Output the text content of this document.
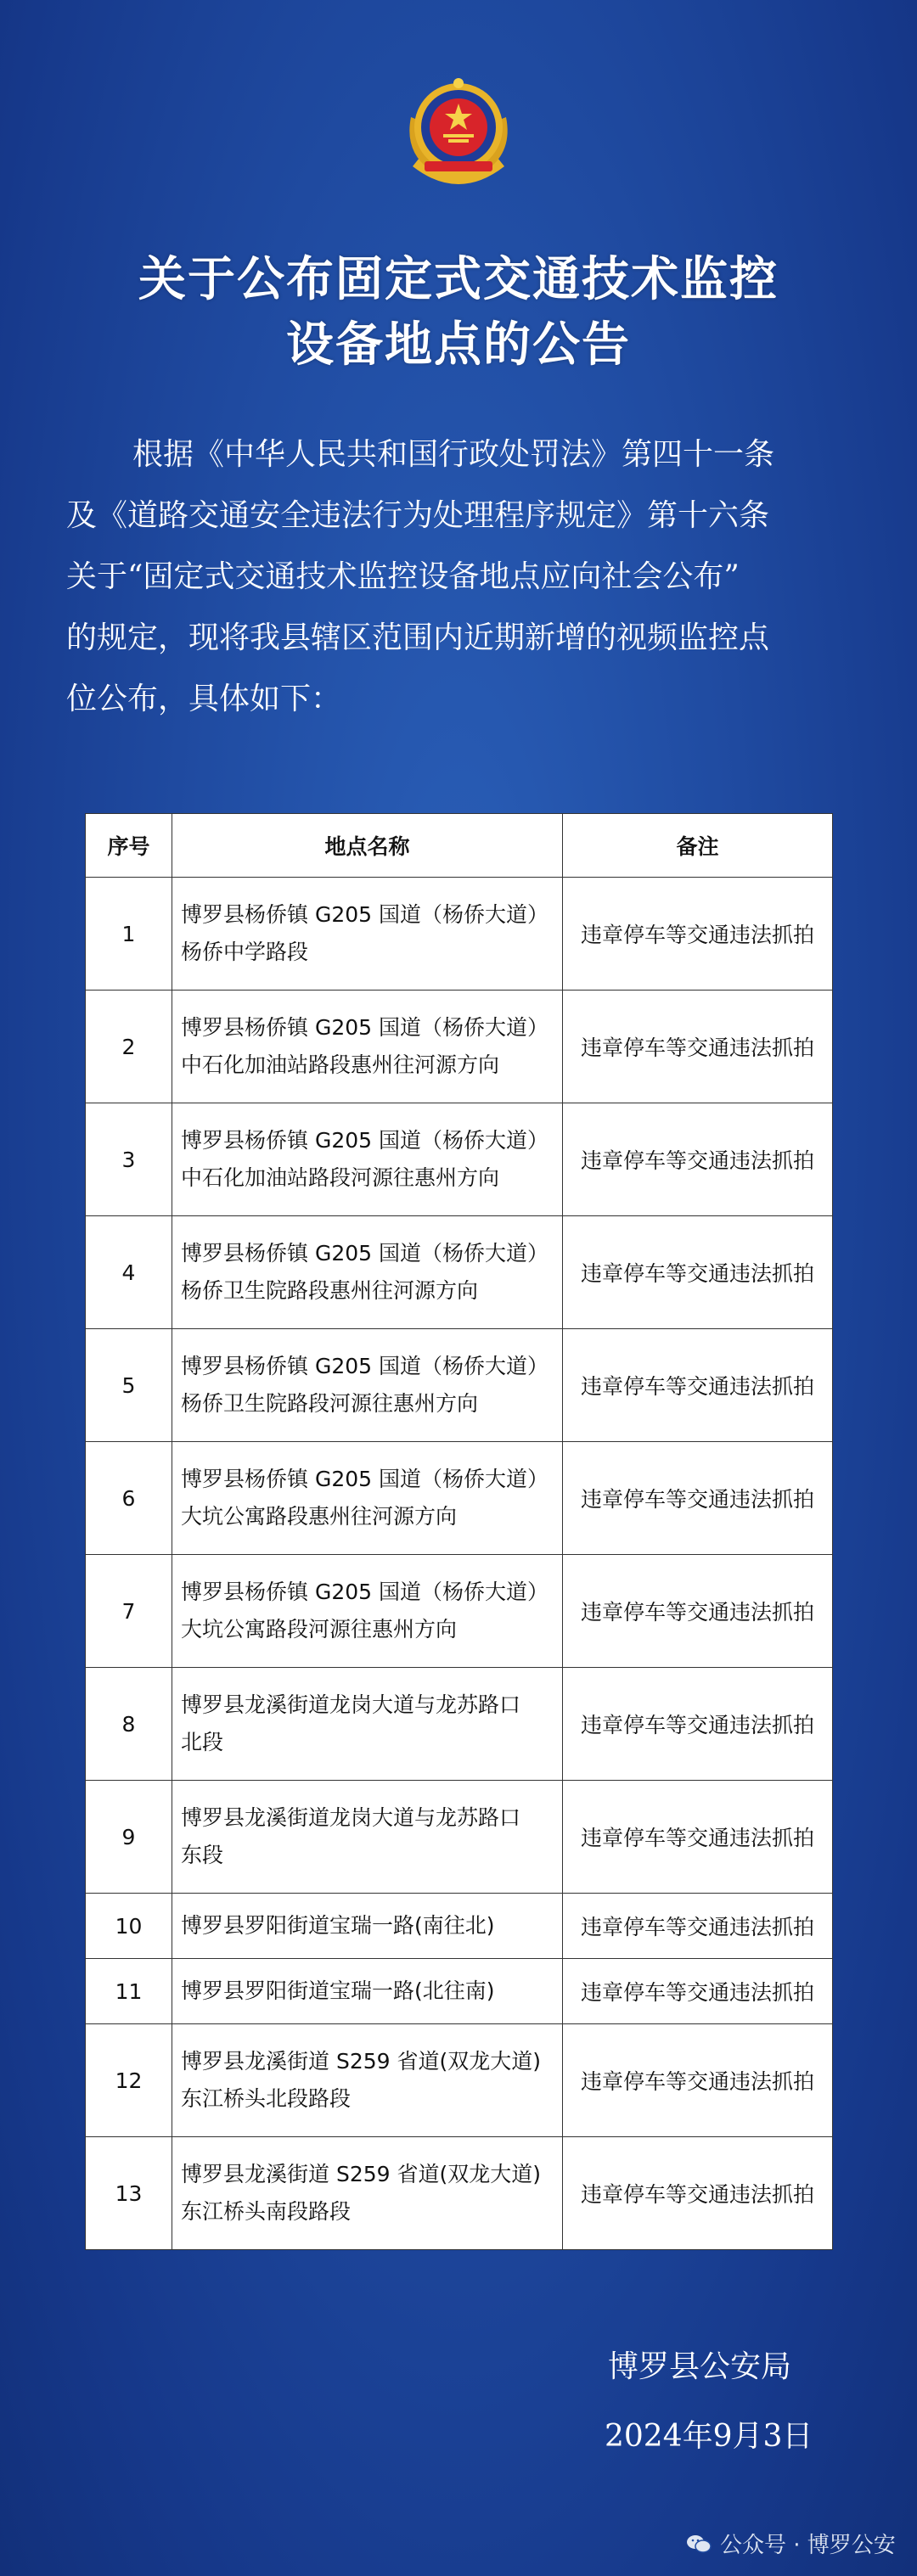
关于公布固定式交通技术监控
设备地点的公告
根据《中华人民共和国行政处罚法》第四十一条
及《道路交通安全违法行为处理程序规定》第十六条
关于“固定式交通技术监控设备地点应向社会公布”
的规定，现将我县辖区范围内近期新增的视频监控点
位公布，具体如下：
序号	地点名称	备注
1	博罗县杨侨镇 G205 国道（杨侨大道）
杨侨中学路段	违章停车等交通违法抓拍
2	博罗县杨侨镇 G205 国道（杨侨大道）
中石化加油站路段惠州往河源方向	违章停车等交通违法抓拍
3	博罗县杨侨镇 G205 国道（杨侨大道）
中石化加油站路段河源往惠州方向	违章停车等交通违法抓拍
4	博罗县杨侨镇 G205 国道（杨侨大道）
杨侨卫生院路段惠州往河源方向	违章停车等交通违法抓拍
5	博罗县杨侨镇 G205 国道（杨侨大道）
杨侨卫生院路段河源往惠州方向	违章停车等交通违法抓拍
6	博罗县杨侨镇 G205 国道（杨侨大道）
大坑公寓路段惠州往河源方向	违章停车等交通违法抓拍
7	博罗县杨侨镇 G205 国道（杨侨大道）
大坑公寓路段河源往惠州方向	违章停车等交通违法抓拍
8	博罗县龙溪街道龙岗大道与龙苏路口
北段	违章停车等交通违法抓拍
9	博罗县龙溪街道龙岗大道与龙苏路口
东段	违章停车等交通违法抓拍
10	博罗县罗阳街道宝瑞一路(南往北)	违章停车等交通违法抓拍
11	博罗县罗阳街道宝瑞一路(北往南)	违章停车等交通违法抓拍
12	博罗县龙溪街道 S259 省道(双龙大道)
东江桥头北段路段	违章停车等交通违法抓拍
13	博罗县龙溪街道 S259 省道(双龙大道)
东江桥头南段路段	违章停车等交通违法抓拍
博罗县公安局
2024年9月3日
公众号 · 博罗公安
